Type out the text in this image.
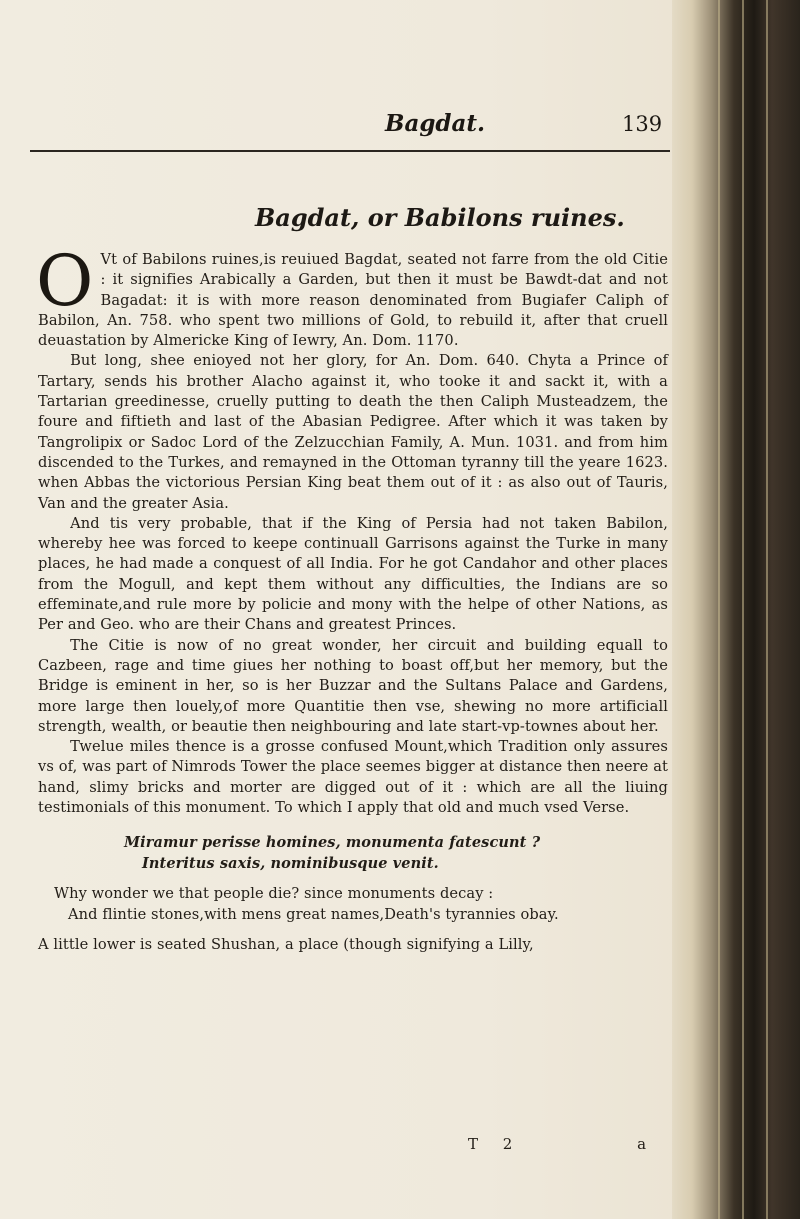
Bagdat.	139
Bagdat, or Babilons ruines.

O Vt of Babilons ruines,is reuiued Bagdat, seated not farre from the old Citie : it signifies Arabically a Garden, but then it must be Bawdt-dat and not Bagadat: it is with more reason denominated from Bugiafer Caliph of Babilon, An. 758. who spent two millions of Gold, to rebuild it, after that cruell deuastation by Almericke King of Iewry, An. Dom. 1170.

But long, shee enioyed not her glory, for An. Dom. 640. Chyta a Prince of Tartary, sends his brother Alacho against it, who tooke it and sackt it, with a Tartarian greedinesse, cruelly putting to death the then Caliph Musteadzem, the foure and fiftieth and last of the Abasian Pedigree. After which it was taken by Tangrolipix or Sadoc Lord of the Zelzucchian Family, A. Mun. 1031. and from him discended to the Turkes, and remayned in the Ottoman tyranny till the yeare 1623. when Abbas the victorious Persian King beat them out of it : as also out of Tauris, Van and the greater Asia.

And tis very probable, that if the King of Persia had not taken Babilon, whereby hee was forced to keepe continuall Garrisons against the Turke in many places, he had made a conquest of all India. For he got Candahor and other places from the Mogull, and kept them without any difficulties, the Indians are so effeminate,and rule more by policie and mony with the helpe of other Nations, as Per and Geo. who are their Chans and greatest Princes.

The Citie is now of no great wonder, her circuit and building equall to Cazbeen, rage and time giues her nothing to boast off,but her memory, but the Bridge is eminent in her, so is her Buzzar and the Sultans Palace and Gardens, more large then louely,of more Quantitie then vse, shewing no more artificiall strength, wealth, or beautie then neighbouring and late start-vp-townes about her.

Twelue miles thence is a grosse confused Mount,which Tradition only assures vs of, was part of Nimrods Tower the place seemes bigger at distance then neere at hand, slimy bricks and morter are digged out of it : which are all the liuing testimonials of this monument. To which I apply that old and much vsed Verse.

Miramur perisse homines, monumenta fatescunt ?
Interitus saxis, nominibusque venit.
Why wonder we that people die? since monuments decay :
And flintie stones,with mens great names,Death's tyrannies obay.

A little lower is seated Shushan, a place (though signifying a Lilly,

T 2	a
